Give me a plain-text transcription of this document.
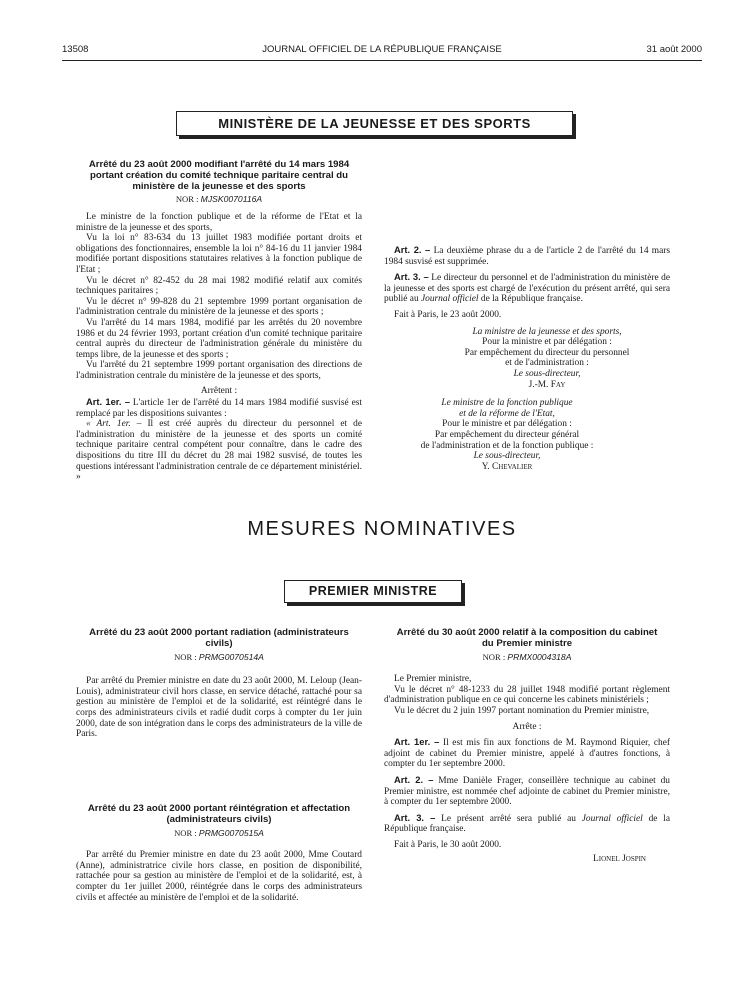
13508	JOURNAL OFFICIEL DE LA RÉPUBLIQUE FRANÇAISE	31 août 2000
MINISTÈRE DE LA JEUNESSE ET DES SPORTS
Arrêté du 23 août 2000 modifiant l'arrêté du 14 mars 1984 portant création du comité technique paritaire central du ministère de la jeunesse et des sports
NOR : MJSK0070116A

Le ministre de la fonction publique et de la réforme de l'Etat et la ministre de la jeunesse et des sports,

Vu la loi n° 83-634 du 13 juillet 1983 modifiée portant droits et obligations des fonctionnaires, ensemble la loi n° 84-16 du 11 janvier 1984 modifiée portant dispositions statutaires relatives à la fonction publique de l'Etat ;

Vu le décret n° 82-452 du 28 mai 1982 modifié relatif aux comités techniques paritaires ;

Vu le décret n° 99-828 du 21 septembre 1999 portant organisation de l'administration centrale du ministère de la jeunesse et des sports ;

Vu l'arrêté du 14 mars 1984, modifié par les arrêtés du 20 novembre 1986 et du 24 février 1993, portant création d'un comité technique paritaire central auprès du directeur de l'administration générale du ministère du temps libre, de la jeunesse et des sports ;

Vu l'arrêté du 21 septembre 1999 portant organisation des directions de l'administration centrale du ministère de la jeunesse et des sports,

Arrêtent :

Art. 1er. – L'article 1er de l'arrêté du 14 mars 1984 modifié susvisé est remplacé par les dispositions suivantes :

« Art. 1er. – Il est créé auprès du directeur du personnel et de l'administration du ministère de la jeunesse et des sports un comité technique paritaire central compétent pour connaître, dans le cadre des dispositions du titre III du décret du 28 mai 1982 susvisé, de toutes les questions intéressant l'administration centrale de ce département ministériel. »

Art. 2. – La deuxième phrase du a de l'article 2 de l'arrêté du 14 mars 1984 susvisé est supprimée.

Art. 3. – Le directeur du personnel et de l'administration du ministère de la jeunesse et des sports est chargé de l'exécution du présent arrêté, qui sera publié au Journal officiel de la République française.

Fait à Paris, le 23 août 2000.

La ministre de la jeunesse et des sports,
Pour la ministre et par délégation :
Par empêchement du directeur du personnel
et de l'administration :
Le sous-directeur,
J.-M. Fay
Le ministre de la fonction publique
et de la réforme de l'Etat,
Pour le ministre et par délégation :
Par empêchement du directeur général
de l'administration et de la fonction publique :
Le sous-directeur,
Y. Chevalier
MESURES NOMINATIVES
PREMIER MINISTRE
Arrêté du 23 août 2000 portant radiation (administrateurs civils)
NOR : PRMG0070514A

Par arrêté du Premier ministre en date du 23 août 2000, M. Leloup (Jean-Louis), administrateur civil hors classe, en service détaché, rattaché pour sa gestion au ministère de l'emploi et de la solidarité, est réintégré dans le corps des administrateurs civils et radié dudit corps à compter du 1er juin 2000, date de son intégration dans le corps des administrateurs de la ville de Paris.

Arrêté du 23 août 2000 portant réintégration et affectation (administrateurs civils)
NOR : PRMG0070515A

Par arrêté du Premier ministre en date du 23 août 2000, Mme Coutard (Anne), administratrice civile hors classe, en position de disponibilité, rattachée pour sa gestion au ministère de l'emploi et de la solidarité, est, à compter du 1er juillet 2000, réintégrée dans le corps des administrateurs civils et affectée au ministère de l'emploi et de la solidarité.

Arrêté du 30 août 2000 relatif à la composition du cabinet du Premier ministre
NOR : PRMX0004318A

Le Premier ministre,

Vu le décret n° 48-1233 du 28 juillet 1948 modifié portant règlement d'administration publique en ce qui concerne les cabinets ministériels ;

Vu le décret du 2 juin 1997 portant nomination du Premier ministre,

Arrête :

Art. 1er. – Il est mis fin aux fonctions de M. Raymond Riquier, chef adjoint de cabinet du Premier ministre, appelé à d'autres fonctions, à compter du 1er septembre 2000.

Art. 2. – Mme Danièle Frager, conseillère technique au cabinet du Premier ministre, est nommée chef adjointe de cabinet du Premier ministre, à compter du 1er septembre 2000.

Art. 3. – Le présent arrêté sera publié au Journal officiel de la République française.

Fait à Paris, le 30 août 2000.

Lionel Jospin
